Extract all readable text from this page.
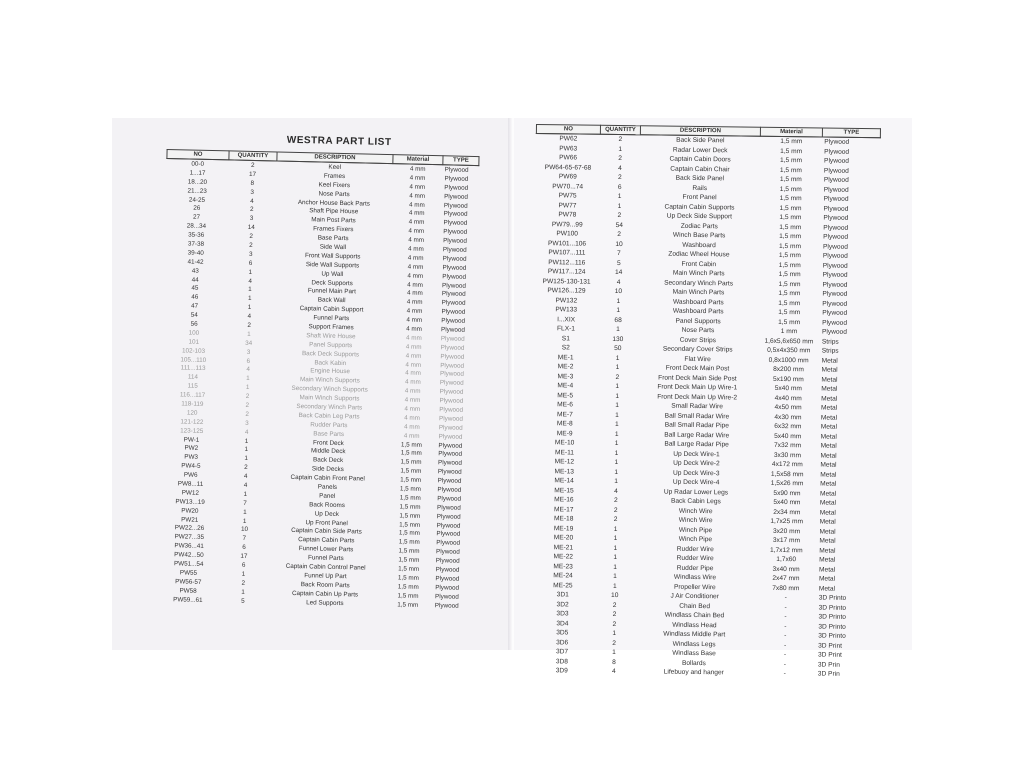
WESTRA PART LIST
NO	QUANTITY	DESCRIPTION	Material	TYPE
00-0	2	Keel	4 mm	Plywood
1...17	17	Frames	4 mm	Plywood
18...20	8	Keel Fixers	4 mm	Plywood
21...23	3	Nose Parts	4 mm	Plywood
24-25	4	Anchor House Back Parts	4 mm	Plywood
26	2	Shaft Pipe House	4 mm	Plywood
27	3	Main Post Parts	4 mm	Plywood
28...34	14	Frames Fixers	4 mm	Plywood
35-36	2	Base Parts	4 mm	Plywood
37-38	2	Side Wall	4 mm	Plywood
39-40	3	Front Wall Supports	4 mm	Plywood
41-42	6	Side Wall Supports	4 mm	Plywood
43	1	Up Wall	4 mm	Plywood
44	4	Deck Supports	4 mm	Plywood
45	1	Funnel Main Part	4 mm	Plywood
46	1	Back Wall	4 mm	Plywood
47	1	Captain Cabin Support	4 mm	Plywood
54	4	Funnel Parts	4 mm	Plywood
56	2	Support Frames	4 mm	Plywood
100	1	Shaft Wire House	4 mm	Plywood
101	34	Panel Supports	4 mm	Plywood
102-103	3	Back Deck Supports	4 mm	Plywood
105...110	6	Back Kabin	4 mm	Plywood
111...113	4	Engine House	4 mm	Plywood
114	1	Main Winch Supports	4 mm	Plywood
115	1	Secondary Winch Supports	4 mm	Plywood
116...117	2	Main Winch Supports	4 mm	Plywood
118-119	2	Secondary Winch Parts	4 mm	Plywood
120	2	Back Cabin Leg Parts	4 mm	Plywood
121-122	3	Rudder Parts	4 mm	Plywood
123-125	4	Base Parts	4 mm	Plywood
PW-1	1	Front Deck	1,5 mm	Plywood
PW2	1	Middle Deck	1,5 mm	Plywood
PW3	1	Back Deck	1,5 mm	Plywood
PW4-5	2	Side Decks	1,5 mm	Plywood
PW6	4	Captain Cabin Front Panel	1,5 mm	Plywood
PW8...11	4	Panels	1,5 mm	Plywood
PW12	1	Panel	1,5 mm	Plywood
PW13...19	7	Back Rooms	1,5 mm	Plywood
PW20	1	Up Deck	1,5 mm	Plywood
PW21	1	Up Front Panel	1,5 mm	Plywood
PW22...26	10	Captain Cabin Side Parts	1,5 mm	Plywood
PW27...35	7	Captain Cabin Parts	1,5 mm	Plywood
PW36...41	6	Funnel Lower Parts	1,5 mm	Plywood
PW42...50	17	Funnel Parts	1,5 mm	Plywood
PW51...54	6	Captain Cabin Control Panel	1,5 mm	Plywood
PW55	1	Funnel Up Part	1,5 mm	Plywood
PW56-57	2	Back Room Parts	1,5 mm	Plywood
PW58	1	Captain Cabin Up Parts	1,5 mm	Plywood
PW59...61	5	Led Supports	1,5 mm	Plywood
NO	QUANTITY	DESCRIPTION	Material	TYPE
PW62	2	Back Side Panel	1,5 mm	Plywood
PW63	1	Radar Lower Deck	1,5 mm	Plywood
PW66	2	Captain Cabin Doors	1,5 mm	Plywood
PW64-65-67-68	4	Captain Cabin Chair	1,5 mm	Plywood
PW69	2	Back Side Panel	1,5 mm	Plywood
PW70...74	6	Rails	1,5 mm	Plywood
PW75	1	Front Panel	1,5 mm	Plywood
PW77	1	Captain Cabin Supports	1,5 mm	Plywood
PW78	2	Up Deck Side Support	1,5 mm	Plywood
PW79...99	54	Zodiac Parts	1,5 mm	Plywood
PW100	2	Winch Base Parts	1,5 mm	Plywood
PW101...106	10	Washboard	1,5 mm	Plywood
PW107...111	7	Zodiac Wheel House	1,5 mm	Plywood
PW112...116	5	Front Cabin	1,5 mm	Plywood
PW117...124	14	Main Winch Parts	1,5 mm	Plywood
PW125-130-131	4	Secondary Winch Parts	1,5 mm	Plywood
PW126...129	10	Main Winch Parts	1,5 mm	Plywood
PW132	1	Washboard Parts	1,5 mm	Plywood
PW133	1	Washboard Parts	1,5 mm	Plywood
I...XIX	68	Panel Supports	1,5 mm	Plywood
FLX-1	1	Nose Parts	1 mm	Plywood
S1	130	Cover Strips	1,6x5,6x650 mm	Strips
S2	50	Secondary Cover Strips	0,5x4x350 mm	Strips
ME-1	1	Flat Wire	0,8x1000 mm	Metal
ME-2	1	Front Deck Main Post	8x200 mm	Metal
ME-3	2	Front Deck Main Side Post	5x190 mm	Metal
ME-4	1	Front Deck Main Up Wire-1	5x40 mm	Metal
ME-5	1	Front Deck Main Up Wire-2	4x40 mm	Metal
ME-6	1	Small Radar Wire	4x50 mm	Metal
ME-7	1	Ball Small Radar Wire	4x30 mm	Metal
ME-8	1	Ball Small Radar Pipe	6x32 mm	Metal
ME-9	1	Ball Large Radar Wire	5x40 mm	Metal
ME-10	1	Ball Large Radar Pipe	7x32 mm	Metal
ME-11	1	Up Deck Wire-1	3x30 mm	Metal
ME-12	1	Up Deck Wire-2	4x172 mm	Metal
ME-13	1	Up Deck Wire-3	1,5x58 mm	Metal
ME-14	1	Up Deck Wire-4	1,5x26 mm	Metal
ME-15	4	Up Radar Lower Legs	5x90 mm	Metal
ME-16	2	Back Cabin Legs	5x40 mm	Metal
ME-17	2	Winch Wire	2x34 mm	Metal
ME-18	2	Winch Wire	1,7x25 mm	Metal
ME-19	1	Winch Pipe	3x20 mm	Metal
ME-20	1	Winch Pipe	3x17 mm	Metal
ME-21	1	Rudder Wire	1,7x12 mm	Metal
ME-22	1	Rudder Wire	1,7x60	Metal
ME-23	1	Rudder Pipe	3x40 mm	Metal
ME-24	1	Windlass Wire	2x47 mm	Metal
ME-25	1	Propeller Wire	7x80 mm	Metal
3D1	10	J Air Conditioner	-	3D Printo
3D2	2	Chain Bed	-	3D Printo
3D3	2	Windlass Chain Bed	-	3D Printo
3D4	2	Windlass Head	-	3D Printo
3D5	1	Windlass Middle Part	-	3D Printo
3D6	2	Windlass Legs	-	3D Print
3D7	1	Windlass Base	-	3D Print
3D8	8	Bollards	-	3D Prin
3D9	4	Lifebuoy and hanger	-	3D Prin
